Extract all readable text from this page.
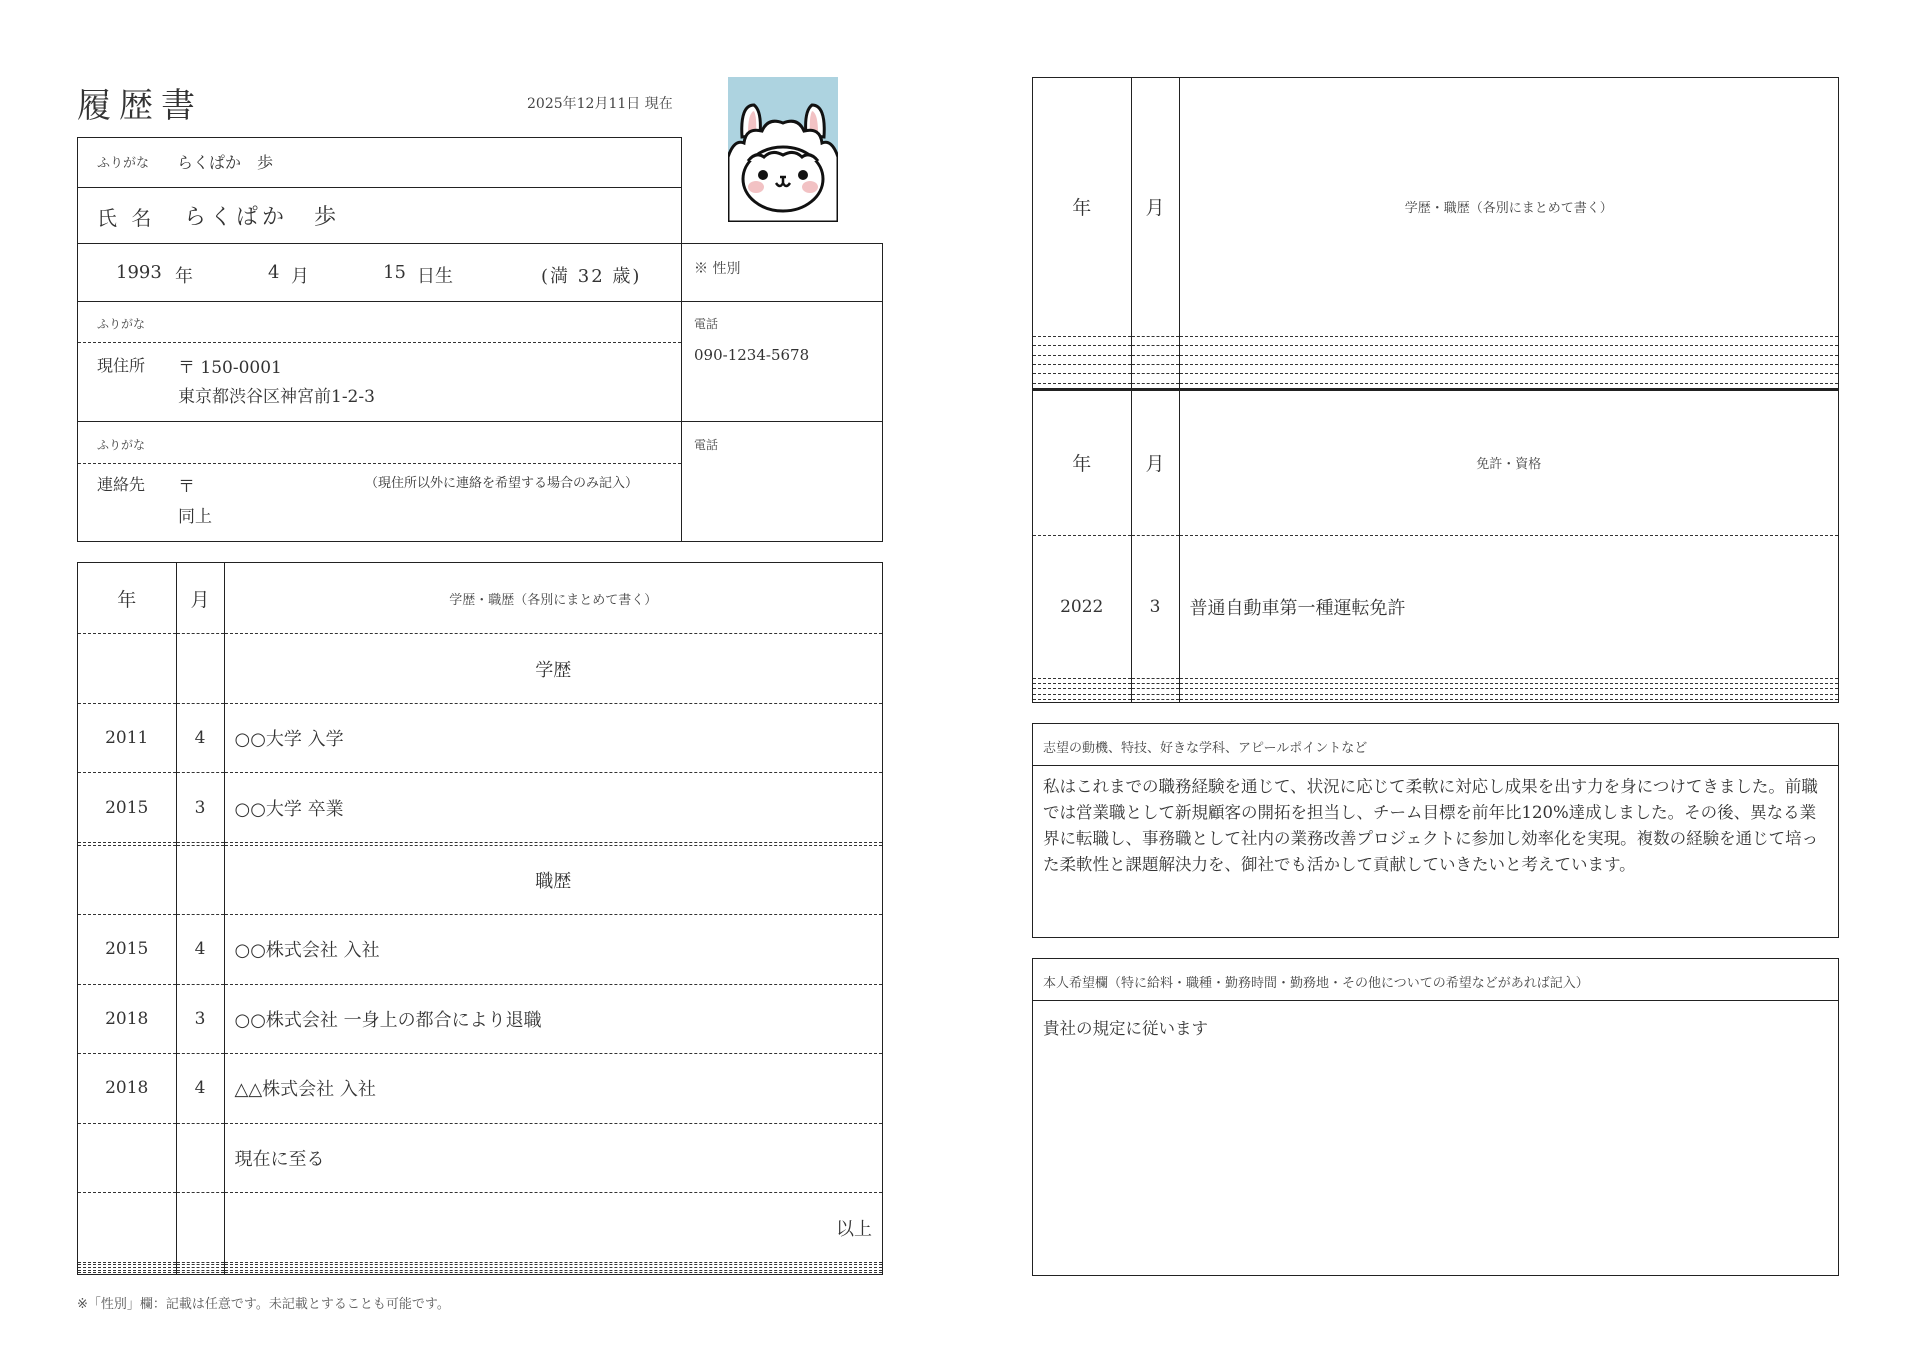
履歴書	2025年12月11日 現在
ふりがな らくぱか　歩
氏 名 らくぱか　歩
1993 年	4 月	15 日生	(満 32 歳)	※ 性別
ふりがな
現住所 〒 150-0001
東京都渋谷区神宮前1-2-3
電話
090-1234-5678
ふりがな
連絡先 〒	（現住所以外に連絡を希望する場合のみ記入）
同上
電話
年	月	学歴・職歴（各別にまとめて書く）
		学歴
2011	4	○○大学 入学
2015	3	○○大学 卒業

		職歴
2015	4	○○株式会社 入社
2018	3	○○株式会社 一身上の都合により退職
2018	4	△△株式会社 入社
		現在に至る
		以上

※「性別」欄：記載は任意です。未記載とすることも可能です。
年	月	学歴・職歴（各別にまとめて書く）

年	月	免許・資格
2022	3	普通自動車第一種運転免許

志望の動機、特技、好きな学科、アピールポイントなど
私はこれまでの職務経験を通じて、状況に応じて柔軟に対応し成果を出す力を身につけてきました。前職では営業職として新規顧客の開拓を担当し、チーム目標を前年比120%達成しました。その後、異なる業界に転職し、事務職として社内の業務改善プロジェクトに参加し効率化を実現。複数の経験を通じて培った柔軟性と課題解決力を、御社でも活かして貢献していきたいと考えています。
本人希望欄（特に給料・職種・勤務時間・勤務地・その他についての希望などがあれば記入）
貴社の規定に従います
